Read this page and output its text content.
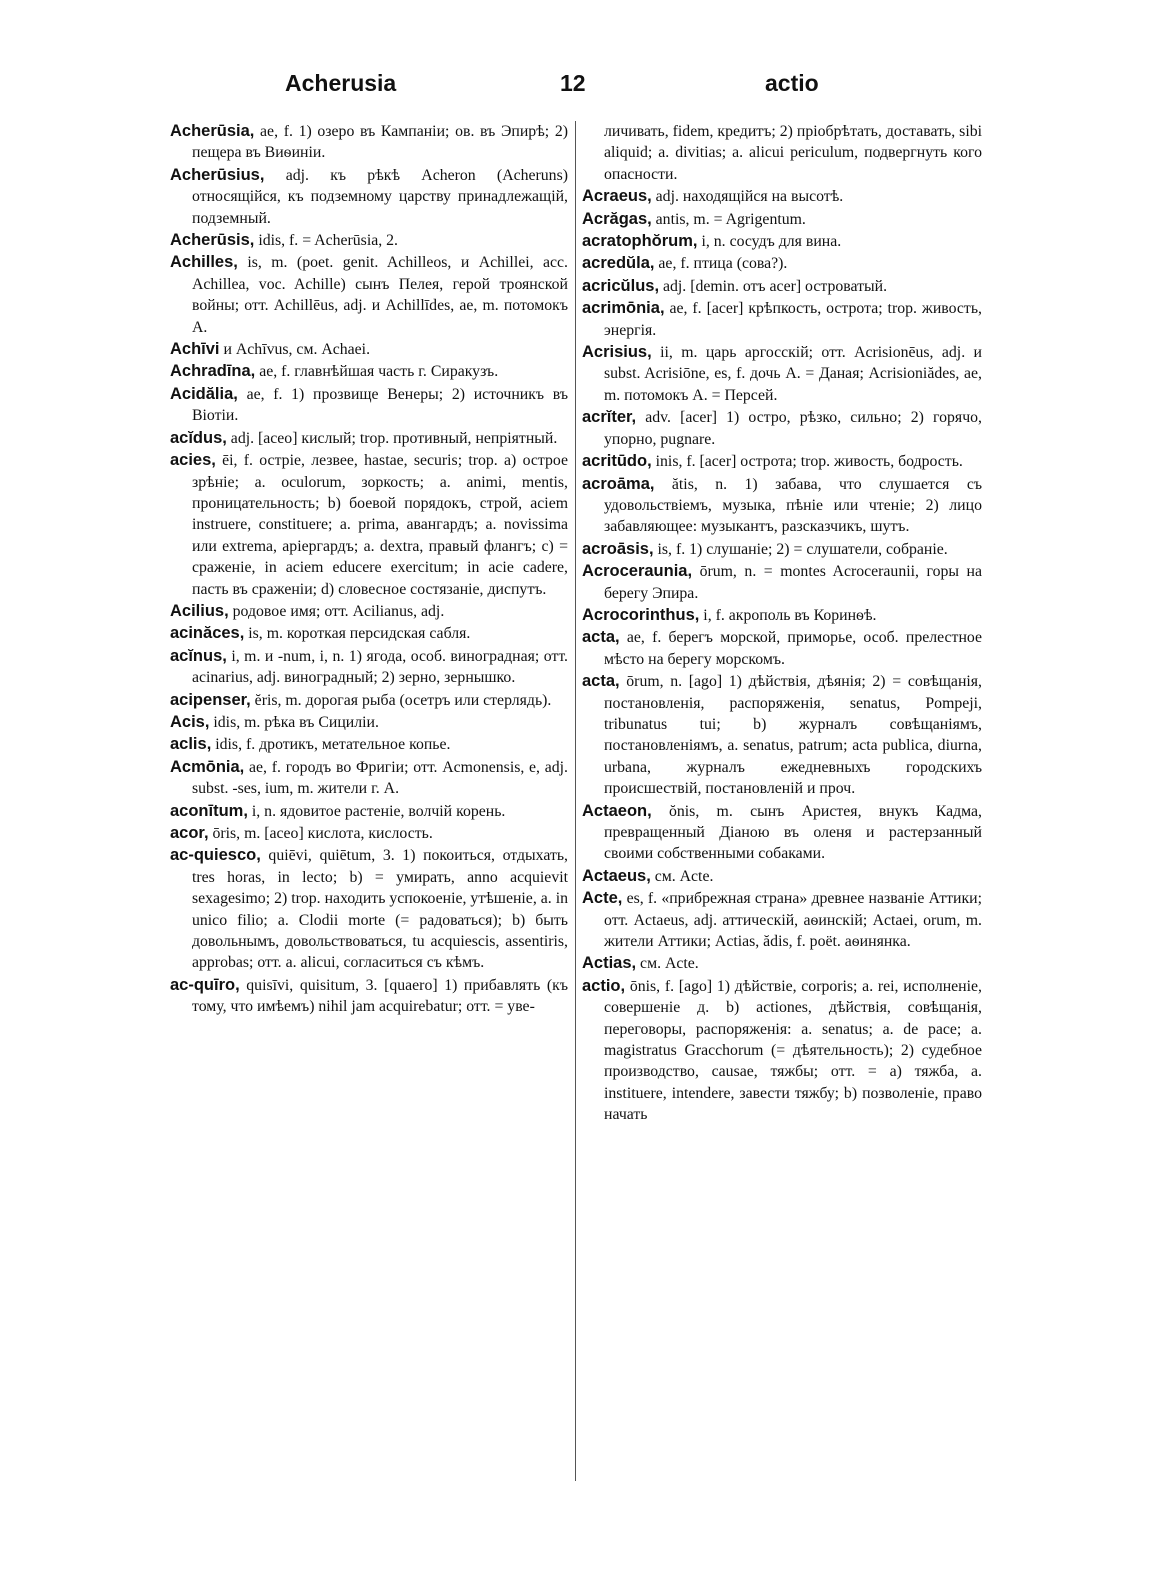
Acherusia	12	actio
Acherūsia, ae, f. 1) озеро въ Кампаніи; ов. въ Эпирѣ; 2) пещера въ Виѳиніи.
Acherūsius, adj. къ рѣкѣ Acheron (Acheruns) относящійся, къ подземному царству принадлежащій, подземный.
Acherūsis, idis, f. = Acherūsia, 2.
Achilles, is, m. (poet. genit. Achilleos, и Achillei, acc. Achillea, voc. Achille) сынъ Пелея, герой троянской войны; отт. Achillēus, adj. и Achillīdes, ae, m. потомокъ А.
Achīvi и Achīvus, см. Achaei.
Achradīna, ae, f. главнѣйшая часть г. Сиракузъ.
Acidălia, ae, f. 1) прозвище Венеры; 2) источникъ въ Віотіи.
acĭdus, adj. [aceo] кислый; trop. противный, непріятный.
acies, ēi, f. остріе, лезвее, hastae, securis; trop. a) острое зрѣніе; a. oculorum, зоркость; a. animi, mentis, проницательность; b) боевой порядокъ, строй, aciem instruere, constituere; a. prima, авангардъ; a. novissima или extrema, аріергардъ; a. dextra, правый флангъ; c) = сраженіе, in aciem educere exercitum; in acie cadere, пасть въ сраженіи; d) словесное состязаніе, диспутъ.
Acilius, родовое имя; отт. Acilianus, adj.
acinăces, is, m. короткая персидская сабля.
acĭnus, i, m. и -num, i, n. 1) ягода, особ. виноградная; отт. acinarius, adj. виноградный; 2) зерно, зернышко.
acipenser, ĕris, m. дорогая рыба (осетръ или стерлядь).
Acis, idis, m. рѣка въ Сициліи.
aclis, idis, f. дротикъ, метательное копье.
Acmōnia, ae, f. городъ во Фригіи; отт. Acmonensis, e, adj. subst. -ses, ium, m. жители г. А.
aconītum, i, n. ядовитое растеніе, волчій корень.
acor, ōris, m. [aceo] кислота, кислость.
ac-quiesco, quiēvi, quiētum, 3. 1) покоиться, отдыхать, tres horas, in lecto; b) = умирать, anno acquievit sexagesimo; 2) trop. находить успокоеніе, утѣшеніе, a. in unico filio; a. Clodii morte (= радоваться); b) быть довольнымъ, довольствоваться, tu acquiescis, assentiris, approbas; отт. a. alicui, согласиться съ кѣмъ.
ac-quīro, quisīvi, quisitum, 3. [quaero] 1) прибавлять (къ тому, что имѣемъ) nihil jam acquirebatur; отт. = уве-
личивать, fidem, кредитъ; 2) пріобрѣтать, доставать, sibi aliquid; a. divitias; a. alicui periculum, подвергнуть кого опасности.
Acraeus, adj. находящійся на высотѣ.
Acrăgas, antis, m. = Agrigentum.
acratophŏrum, i, n. сосудъ для вина.
acredŭla, ae, f. птица (сова?).
acricŭlus, adj. [demin. отъ acer] островатый.
acrimōnia, ae, f. [acer] крѣпкость, острота; trop. живость, энергія.
Acrisius, ii, m. царь аргосскій; отт. Acrisionēus, adj. и subst. Acrisiōne, es, f. дочь А. = Даная; Acrisioniădes, ae, m. потомокъ А. = Персей.
acrĭter, adv. [acer] 1) остро, рѣзко, сильно; 2) горячо, упорно, pugnare.
acritūdo, inis, f. [acer] острота; trop. живость, бодрость.
acroāma, ătis, n. 1) забава, что слушается съ удовольствіемъ, музыка, пѣніе или чтеніе; 2) лицо забавляющее: музыкантъ, разсказчикъ, шутъ.
acroāsis, is, f. 1) слушаніе; 2) = слушатели, собраніе.
Acroceraunia, ōrum, n. = montes Acroceraunii, горы на берегу Эпира.
Acrocorinthus, i, f. акрополь въ Коринѳѣ.
acta, ae, f. берегъ морской, приморье, особ. прелестное мѣсто на берегу морскомъ.
acta, ōrum, n. [ago] 1) дѣйствія, дѣянія; 2) = совѣщанія, постановленія, распоряженія, senatus, Pompeji, tribunatus tui; b) журналъ совѣщаніямъ, постановленіямъ, a. senatus, patrum; acta publica, diurna, urbana, журналъ ежедневныхъ городскихъ происшествій, постановленій и проч.
Actaeon, ŏnis, m. сынъ Аристея, внукъ Кадма, превращенный Діаною въ оленя и растерзанный своими собственными собаками.
Actaeus, см. Acte.
Acte, es, f. «прибрежная страна» древнее названіе Аттики; отт. Actaeus, adj. аттическій, аѳинскій; Actaei, orum, m. жители Аттики; Actias, ădis, f. poët. аѳинянка.
Actias, см. Acte.
actio, ōnis, f. [ago] 1) дѣйствіе, corporis; a. rei, исполненіе, совершеніе д. b) actiones, дѣйствія, совѣщанія, переговоры, распоряженія: a. senatus; a. de pace; a. magistratus Gracchorum (= дѣятельность); 2) судебное производство, causae, тяжбы; отт. = a) тяжба, a. instituere, intendere, завести тяжбу; b) позволеніе, право начать
